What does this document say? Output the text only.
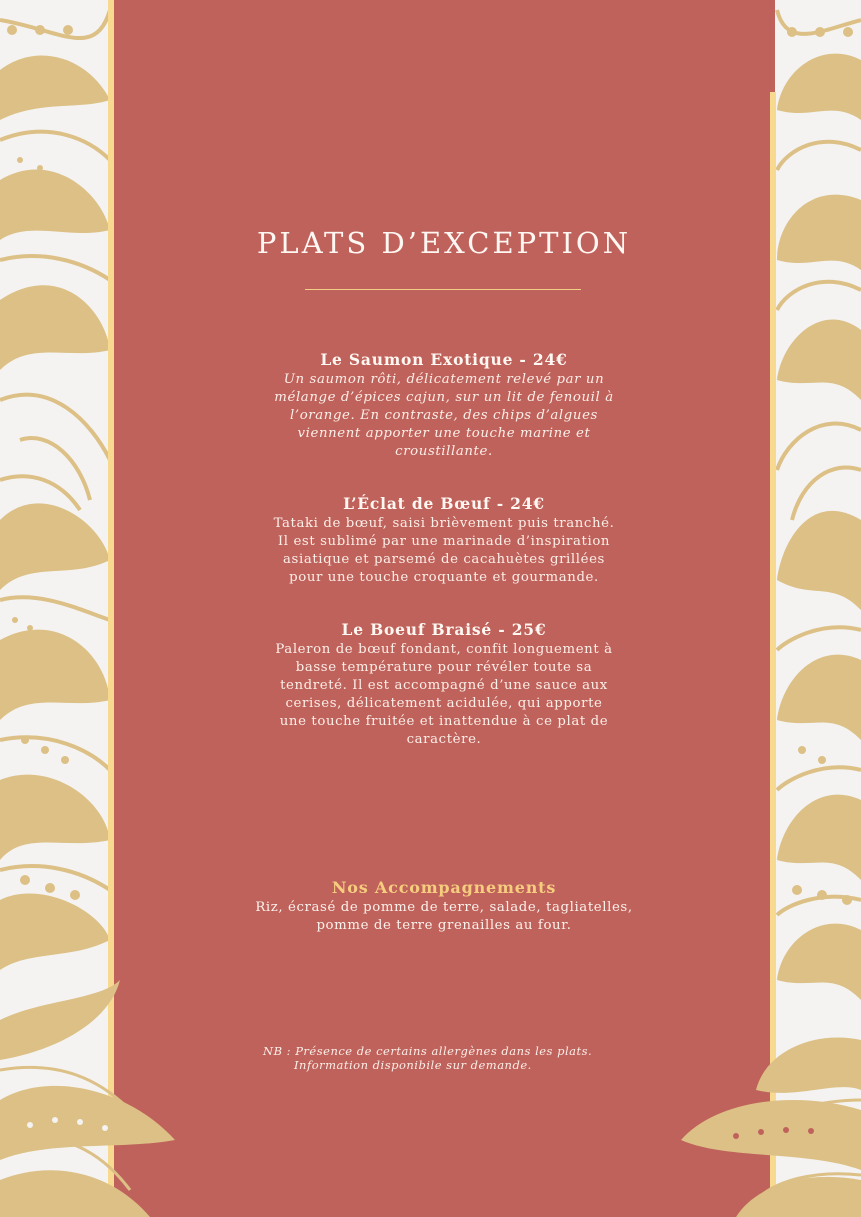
PLATS D’EXCEPTION
Le Saumon Exotique - 24€
Un saumon rôti, délicatement relevé par un
mélange d’épices cajun, sur un lit de fenouil à
l’orange. En contraste, des chips d’algues
viennent apporter une touche marine et
croustillante.
L’Éclat de Bœuf - 24€
Tataki de bœuf, saisi brièvement puis tranché.
Il est sublimé par une marinade d’inspiration
asiatique et parsemé de cacahuètes grillées
pour une touche croquante et gourmande.
Le Boeuf Braisé - 25€
Paleron de bœuf fondant, confit longuement à
basse température pour révéler toute sa
tendreté. Il est accompagné d’une sauce aux
cerises, délicatement acidulée, qui apporte
une touche fruitée et inattendue à ce plat de
caractère.
Nos Accompagnements
Riz, écrasé de pomme de terre, salade, tagliatelles,
pomme de terre grenailles au four.
NB : Présence de certains allergènes dans les plats.
Information disponibile sur demande.
